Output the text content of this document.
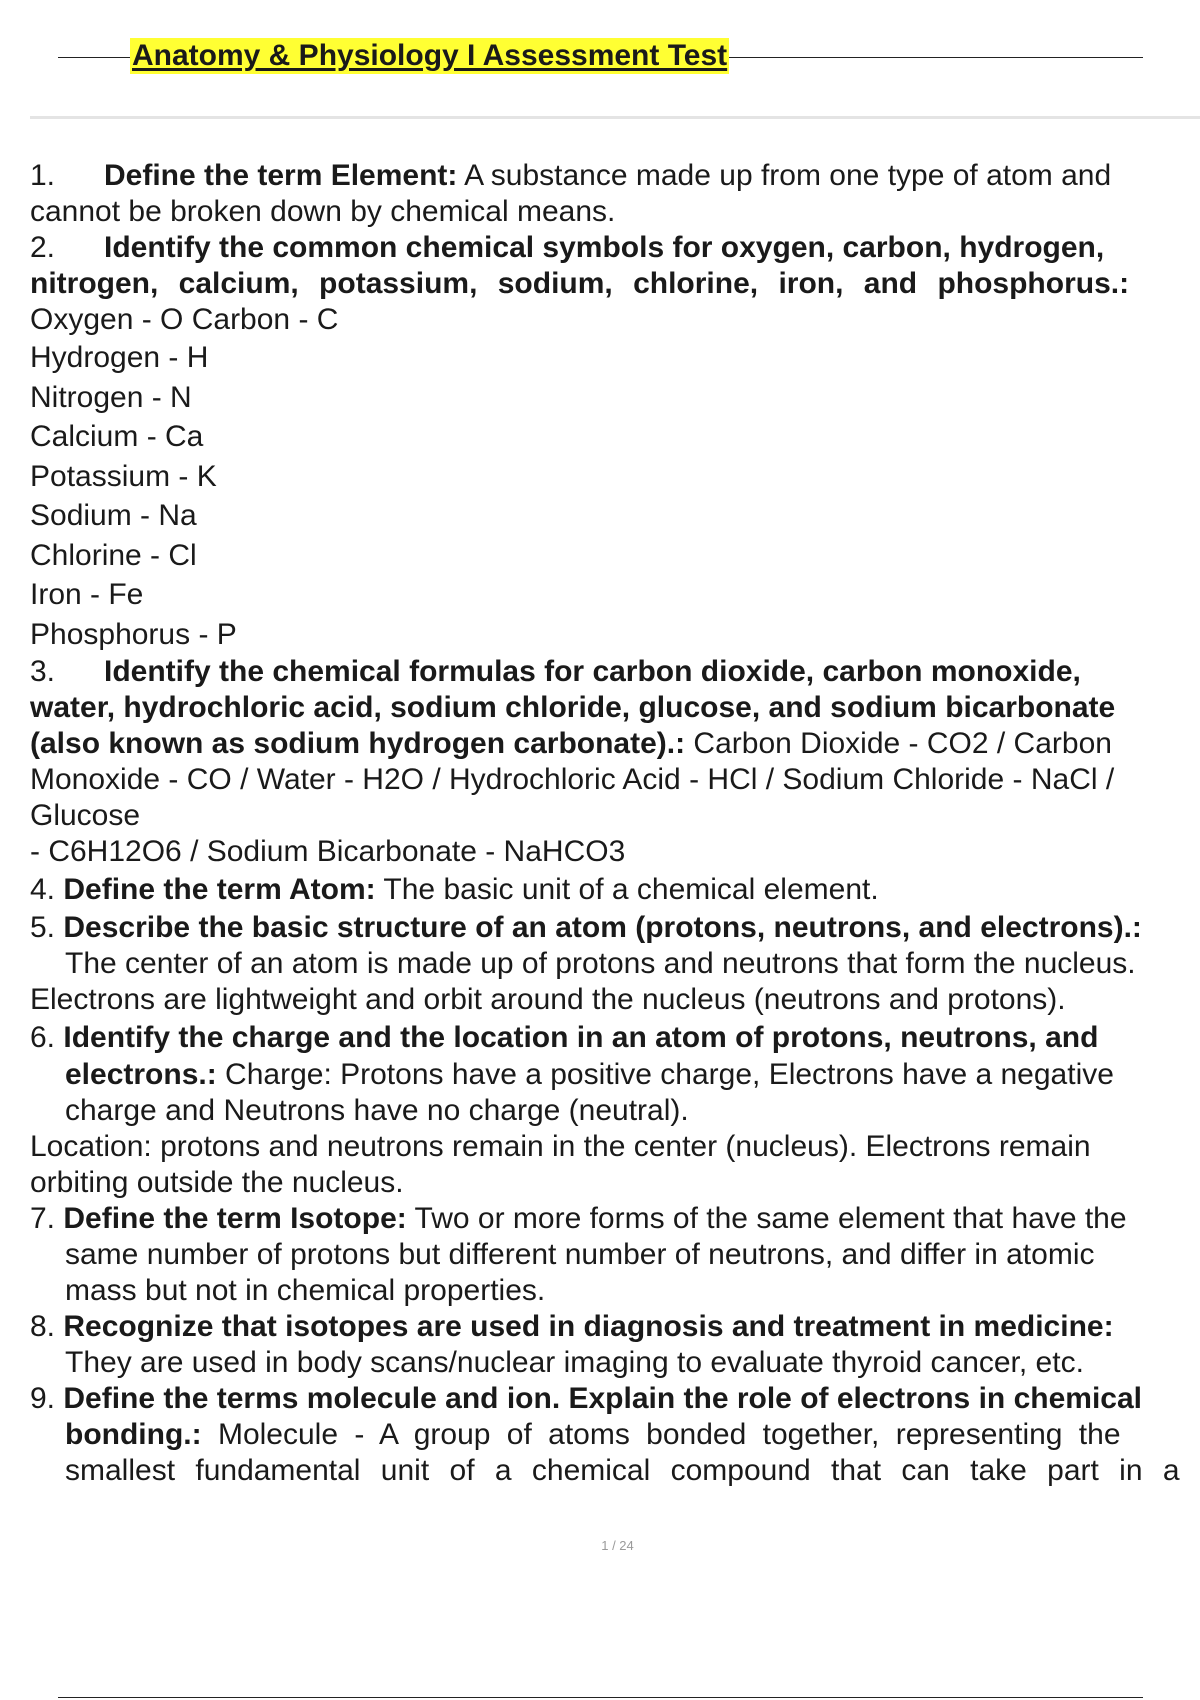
Anatomy & Physiology I Assessment Test
1. Define the term Element: A substance made up from one type of atom and
cannot be broken down by chemical means.
2. Identify the common chemical symbols for oxygen, carbon, hydrogen,
nitrogen, calcium, potassium, sodium, chlorine, iron, and phosphorus.:
Oxygen - O Carbon - C
Hydrogen - H
Nitrogen - N
Calcium - Ca
Potassium - K
Sodium - Na
Chlorine - Cl
Iron - Fe
Phosphorus - P
3. Identify the chemical formulas for carbon dioxide, carbon monoxide,
water, hydrochloric acid, sodium chloride, glucose, and sodium bicarbonate
(also known as sodium hydrogen carbonate).: Carbon Dioxide - CO2 / Carbon
Monoxide - CO / Water - H2O / Hydrochloric Acid - HCl / Sodium Chloride - NaCl /
Glucose
- C6H12O6 / Sodium Bicarbonate - NaHCO3
4. Define the term Atom: The basic unit of a chemical element.
5. Describe the basic structure of an atom (protons, neutrons, and electrons).:
The center of an atom is made up of protons and neutrons that form the nucleus.
Electrons are lightweight and orbit around the nucleus (neutrons and protons).
6. Identify the charge and the location in an atom of protons, neutrons, and
electrons.: Charge: Protons have a positive charge, Electrons have a negative
charge and Neutrons have no charge (neutral).
Location: protons and neutrons remain in the center (nucleus). Electrons remain
orbiting outside the nucleus.
7. Define the term Isotope: Two or more forms of the same element that have the
same number of protons but different number of neutrons, and differ in atomic
mass but not in chemical properties.
8. Recognize that isotopes are used in diagnosis and treatment in medicine:
They are used in body scans/nuclear imaging to evaluate thyroid cancer, etc.
9. Define the terms molecule and ion. Explain the role of electrons in chemical
bonding.: Molecule - A group of atoms bonded together, representing the
smallest fundamental unit of a chemical compound that can take part in a
1 / 24
